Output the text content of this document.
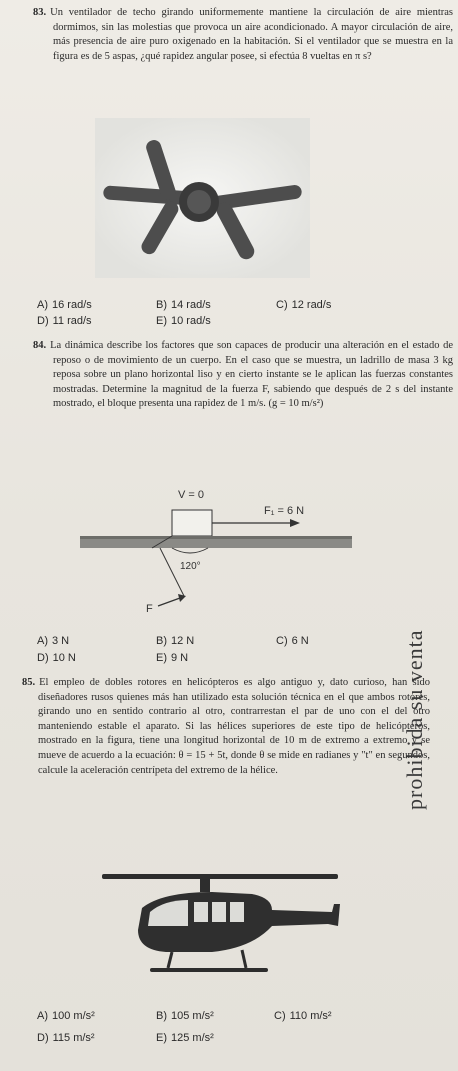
83. Un ventilador de techo girando uniformemente mantiene la circulación de aire mientras dormimos, sin las molestias que provoca un aire acondicionado. A mayor circulación de aire, más presencia de aire puro oxigenado en la habitación. Si el ventilador que se muestra en la figura es de 5 aspas, ¿qué rapidez angular posee, si efectúa 8 vueltas en π s?

A) 16 rad/s	B) 14 rad/s	C) 12 rad/s
D) 11 rad/s	E) 10 rad/s

84. La dinámica describe los factores que son capaces de producir una alteración en el estado de reposo o de movimiento de un cuerpo. En el caso que se muestra, un ladrillo de masa 3 kg reposa sobre un plano horizontal liso y en cierto instante se le aplican las fuerzas constantes mostradas. Determine la magnitud de la fuerza F, sabiendo que después de 2 s del instante mostrado, el bloque presenta una rapidez de 1 m/s. (g = 10 m/s²)

V = 0
F₁ = 6 N
120°
F
A) 3 N	B) 12 N	C) 6 N
D) 10 N	E) 9 N

85. El empleo de dobles rotores en helicópteros es algo antiguo y, dato curioso, han sido diseñadores rusos quienes más han utilizado esta solución técnica en el que ambos rotores, girando uno en sentido contrario al otro, contrarrestan el par de uno con el del otro manteniendo estable el aparato. Si las hélices superiores de este tipo de helicópteros, mostrado en la figura, tiene una longitud horizontal de 10 m de extremo a extremo y se mueve de acuerdo a la ecuación: θ = 15 + 5t, donde θ se mide en radianes y "t" en segundos, calcule la aceleración centrípeta del extremo de la hélice.

A) 100 m/s²	B) 105 m/s²	C) 110 m/s²
D) 115 m/s²	E) 125 m/s²
prohibida su venta
